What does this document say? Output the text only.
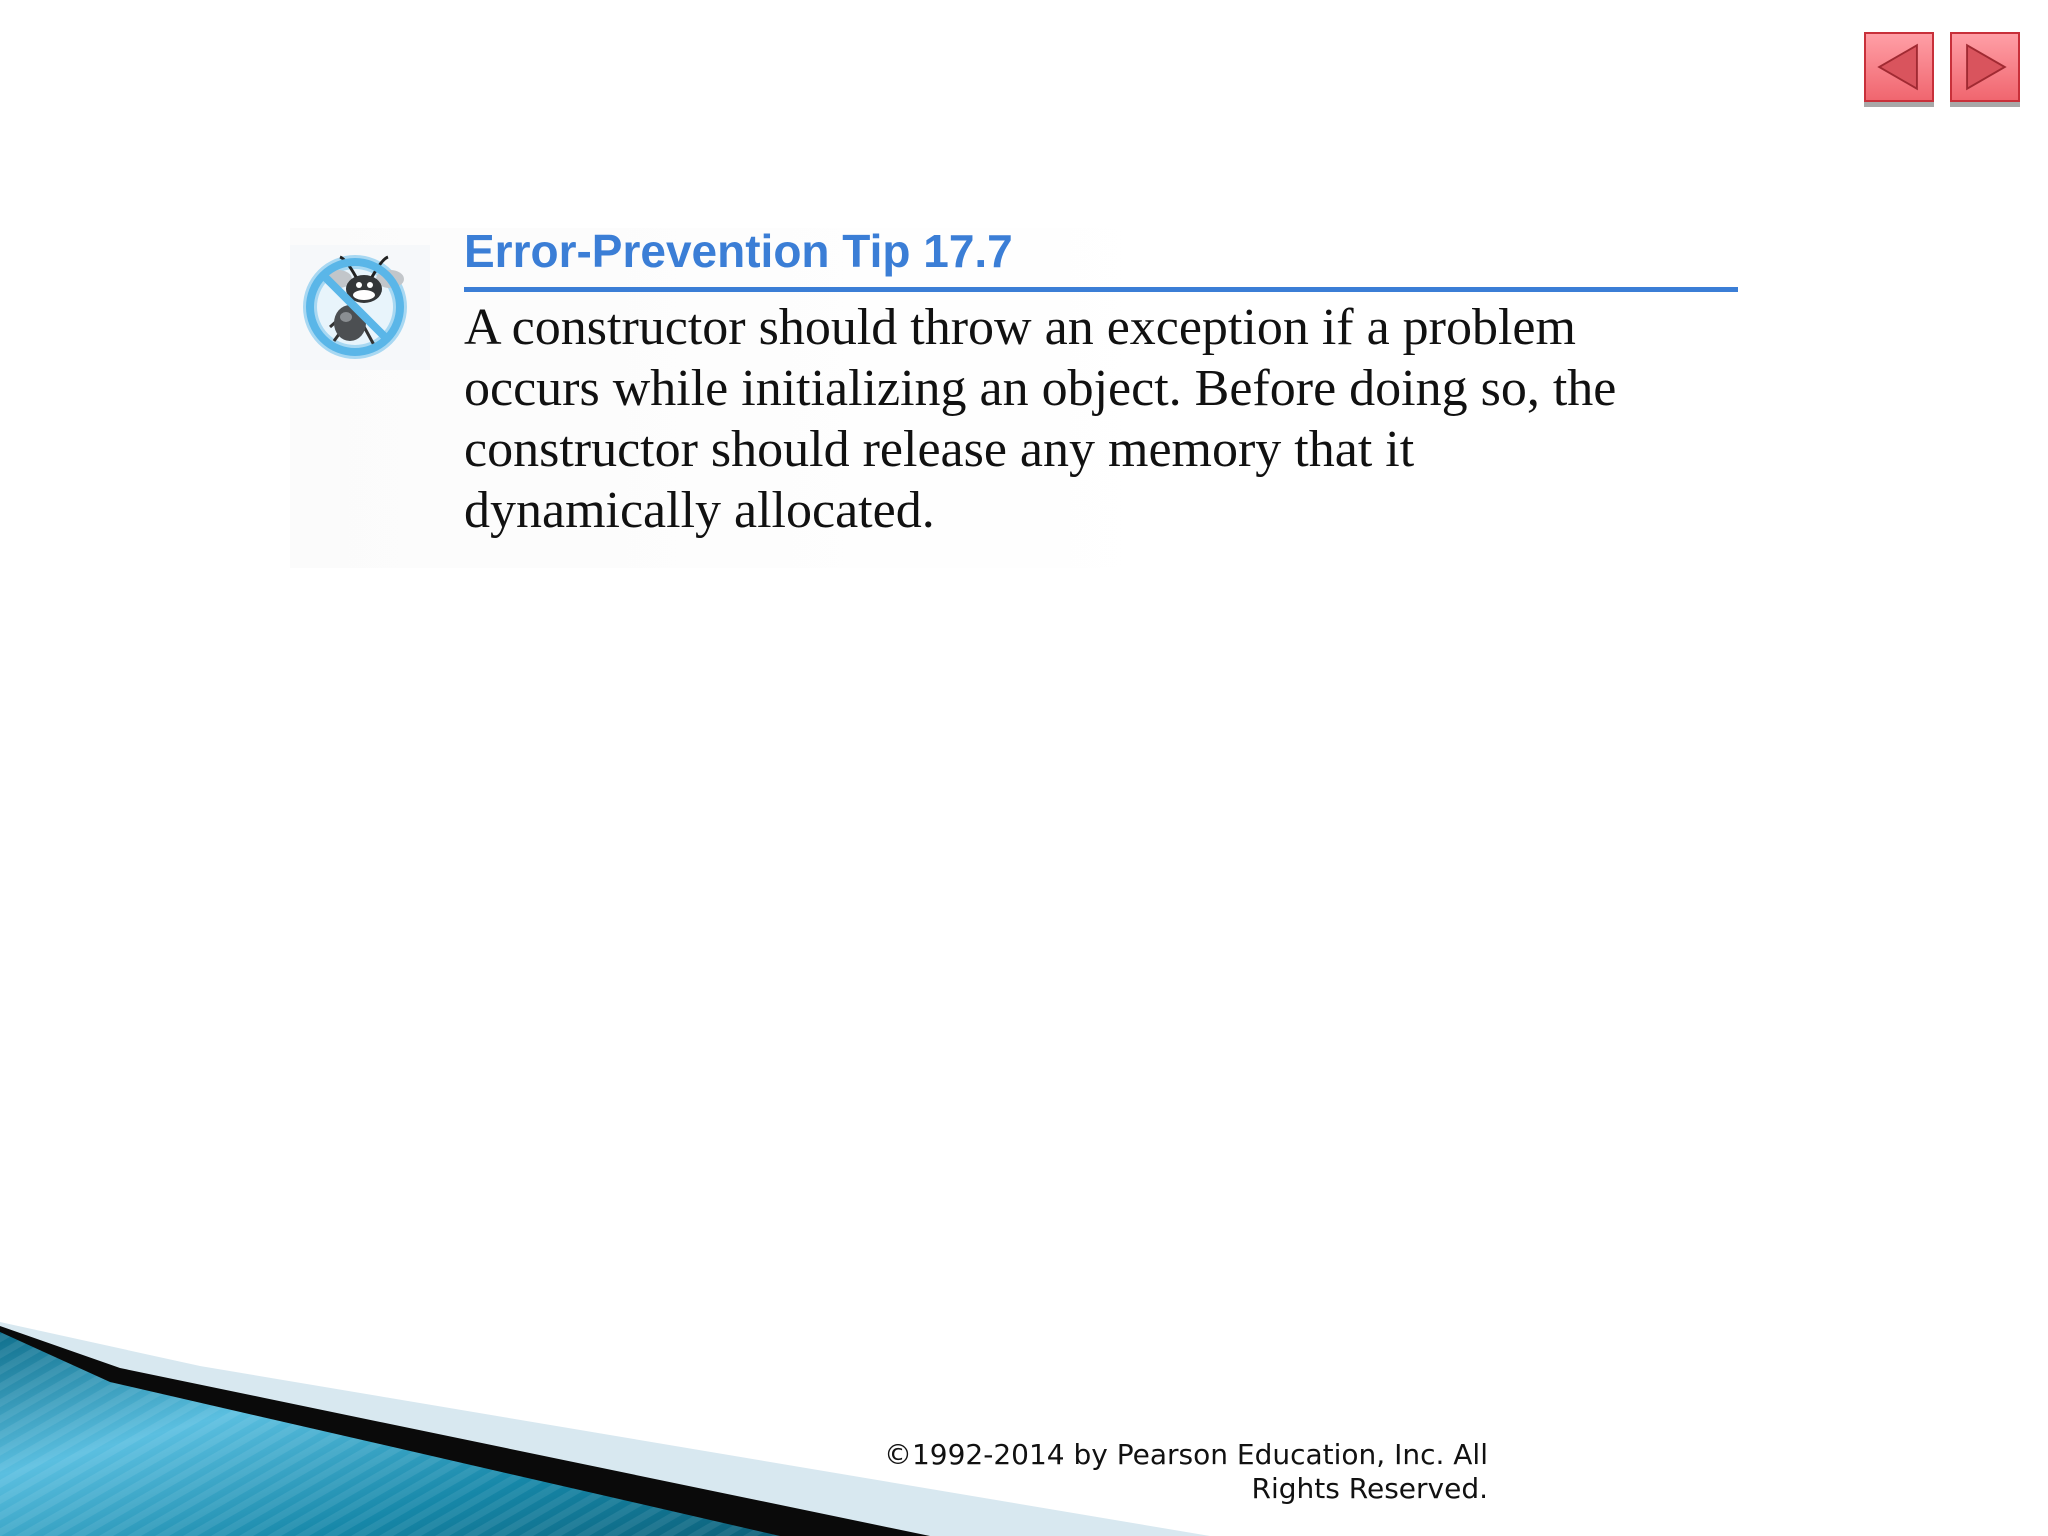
Error-Prevention Tip 17.7

A constructor should throw an exception if a problem
occurs while initializing an object. Before doing so, the
constructor should release any memory that it
dynamically allocated.

©1992-2014 by Pearson Education, Inc. All
Rights Reserved.
